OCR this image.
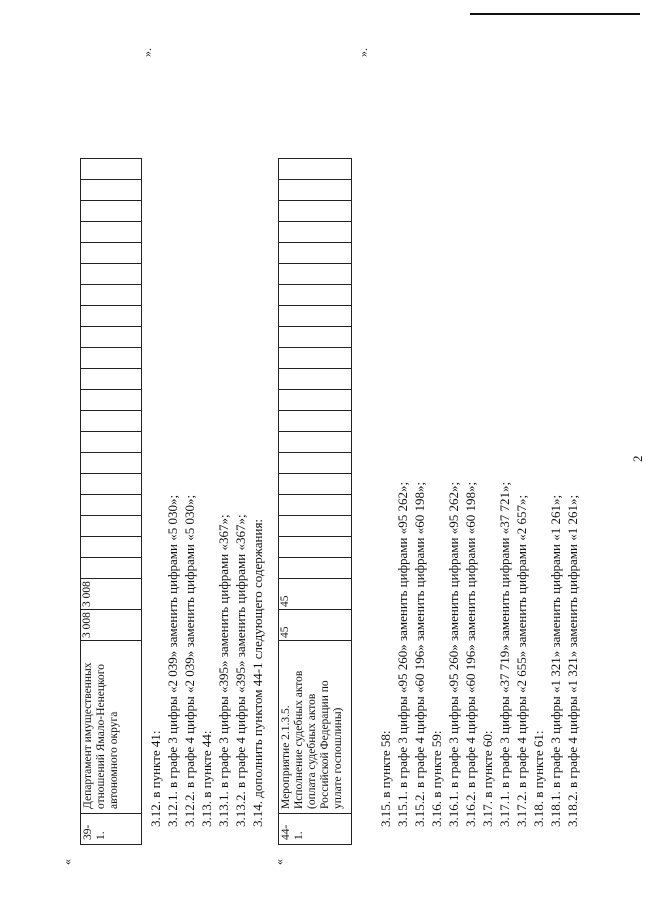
2
«
».
39-1.	Департамент имущественных отношений Ямало-Ненецкого автономного округа	3 008	3 008																				
3.12. в пункте 41: 3.12.1. в графе 3 цифры «2 039» заменить цифрами «5 030»; 3.12.2. в графе 4 цифры «2 039» заменить цифрами «5 030»; 3.13. в пункте 44: 3.13.1. в графе 3 цифры «395» заменить цифрами «367»; 3.13.2. в графе 4 цифры «395» заменить цифрами «367»; 3.14. дополнить пунктом 44-1 следующего содержания:
«
».
44-1.	Мероприятие 2.1.3.5. Исполнение судебных актов (оплата судебных актов Российской Федерации по уплате госпошлины)	45	45																				
3.15. в пункте 58: 3.15.1. в графе 3 цифры «95 260» заменить цифрами «95 262»; 3.15.2. в графе 4 цифры «60 196» заменить цифрами «60 198»; 3.16. в пункте 59: 3.16.1. в графе 3 цифры «95 260» заменить цифрами «95 262»; 3.16.2. в графе 4 цифры «60 196» заменить цифрами «60 198»; 3.17. в пункте 60: 3.17.1. в графе 3 цифры «37 719» заменить цифрами «37 721»; 3.17.2. в графе 4 цифры «2 655» заменить цифрами «2 657»; 3.18. в пункте 61: 3.18.1. в графе 3 цифры «1 321» заменить цифрами «1 261»; 3.18.2. в графе 4 цифры «1 321» заменить цифрами «1 261»;
